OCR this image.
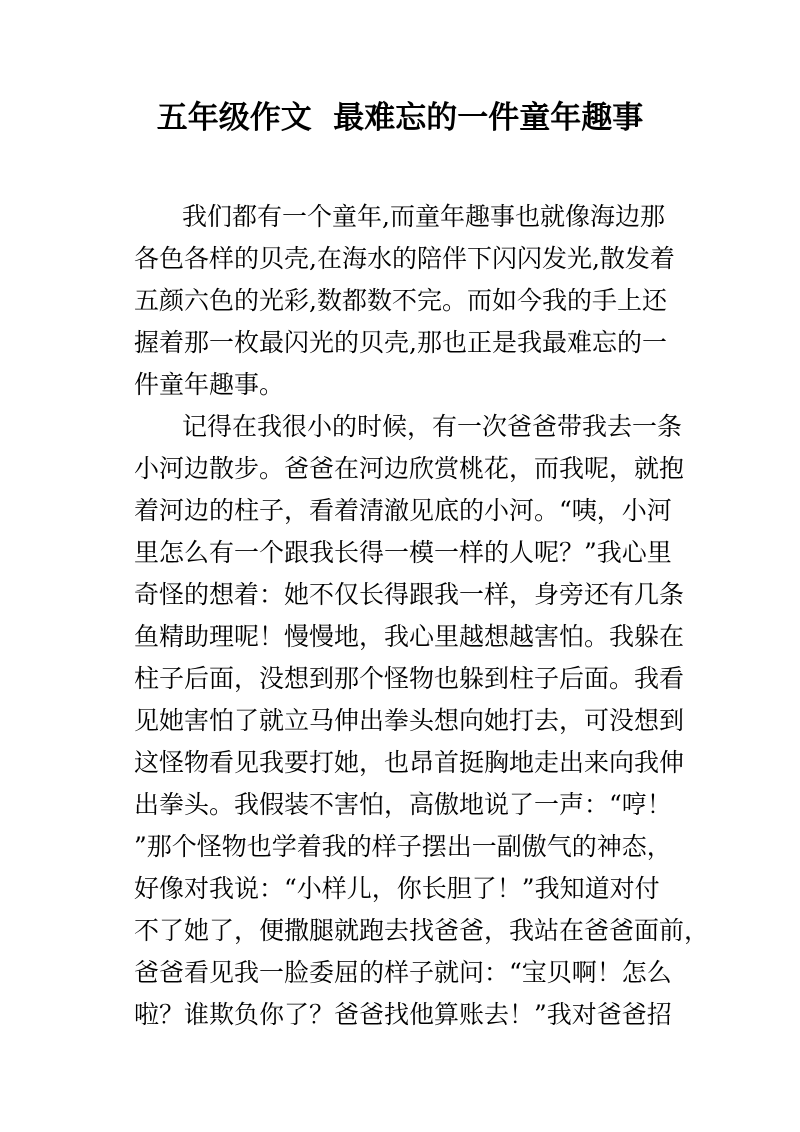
五年级作文  最难忘的一件童年趣事
我们都有一个童年,而童年趣事也就像海边那
各色各样的贝壳,在海水的陪伴下闪闪发光,散发着
五颜六色的光彩,数都数不完。而如今我的手上还
握着那一枚最闪光的贝壳,那也正是我最难忘的一
件童年趣事。
记得在我很小的时候，有一次爸爸带我去一条
小河边散步。爸爸在河边欣赏桃花，而我呢，就抱
着河边的柱子，看着清澈见底的小河。“咦，小河
里怎么有一个跟我长得一模一样的人呢？”我心里
奇怪的想着：她不仅长得跟我一样，身旁还有几条
鱼精助理呢！慢慢地，我心里越想越害怕。我躲在
柱子后面，没想到那个怪物也躲到柱子后面。我看
见她害怕了就立马伸出拳头想向她打去，可没想到
这怪物看见我要打她，也昂首挺胸地走出来向我伸
出拳头。我假装不害怕，高傲地说了一声：“哼！
”那个怪物也学着我的样子摆出一副傲气的神态，
好像对我说：“小样儿，你长胆了！”我知道对付
不了她了，便撒腿就跑去找爸爸，我站在爸爸面前，
爸爸看见我一脸委屈的样子就问：“宝贝啊！怎么
啦？谁欺负你了？爸爸找他算账去！”我对爸爸招
